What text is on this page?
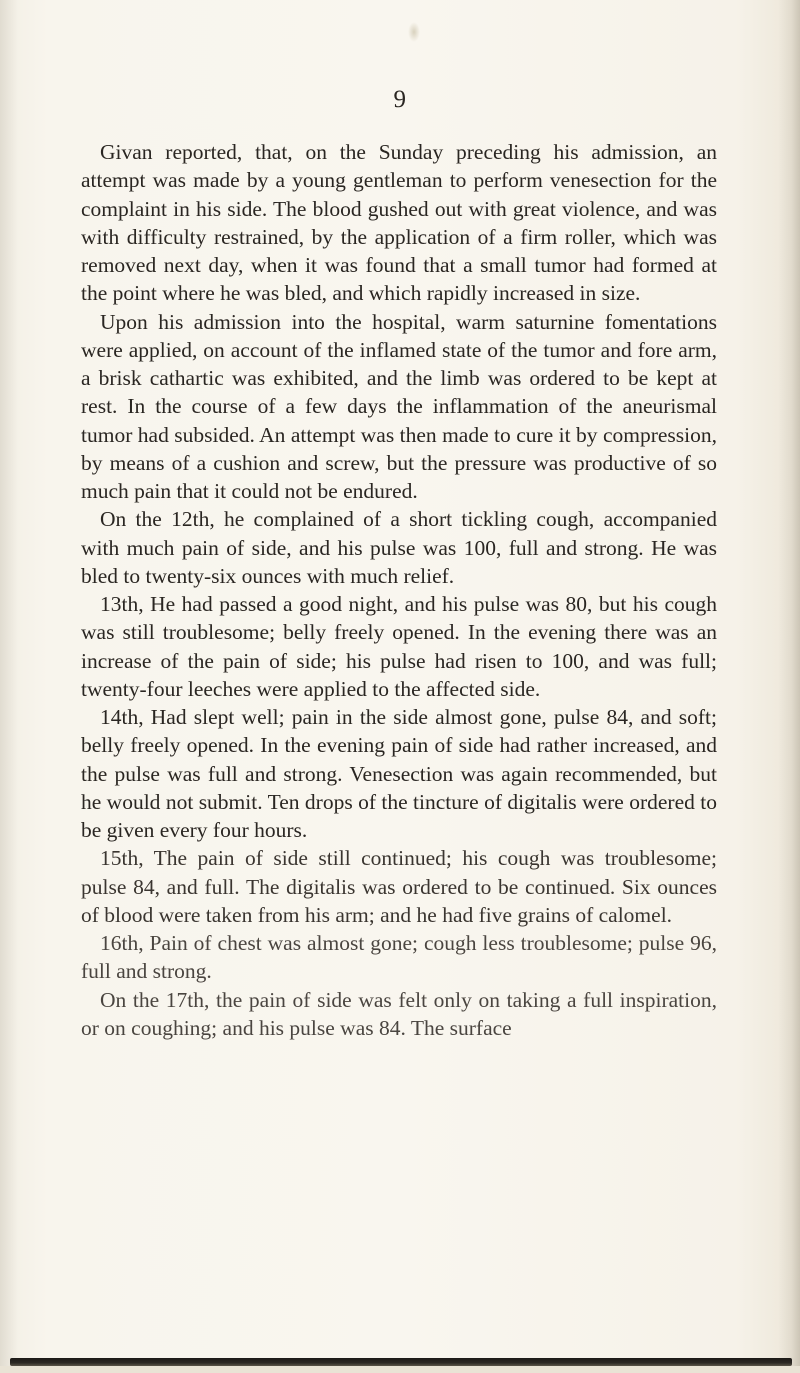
9

Givan reported, that, on the Sunday preceding his admission, an attempt was made by a young gentleman to perform venesection for the complaint in his side. The blood gushed out with great violence, and was with difficulty restrained, by the application of a firm roller, which was removed next day, when it was found that a small tumor had formed at the point where he was bled, and which rapidly increased in size.

Upon his admission into the hospital, warm saturnine fomentations were applied, on account of the inflamed state of the tumor and fore arm, a brisk cathartic was exhibited, and the limb was ordered to be kept at rest. In the course of a few days the inflammation of the aneurismal tumor had subsided. An attempt was then made to cure it by compression, by means of a cushion and screw, but the pressure was productive of so much pain that it could not be endured.

On the 12th, he complained of a short tickling cough, accompanied with much pain of side, and his pulse was 100, full and strong. He was bled to twenty-six ounces with much relief.

13th, He had passed a good night, and his pulse was 80, but his cough was still troublesome; belly freely opened. In the evening there was an increase of the pain of side; his pulse had risen to 100, and was full; twenty-four leeches were applied to the affected side.

14th, Had slept well; pain in the side almost gone, pulse 84, and soft; belly freely opened. In the evening pain of side had rather increased, and the pulse was full and strong. Venesection was again recommended, but he would not submit. Ten drops of the tincture of digitalis were ordered to be given every four hours.

15th, The pain of side still continued; his cough was troublesome; pulse 84, and full. The digitalis was ordered to be continued. Six ounces of blood were taken from his arm; and he had five grains of calomel.

16th, Pain of chest was almost gone; cough less troublesome; pulse 96, full and strong.

On the 17th, the pain of side was felt only on taking a full inspiration, or on coughing; and his pulse was 84. The surface
